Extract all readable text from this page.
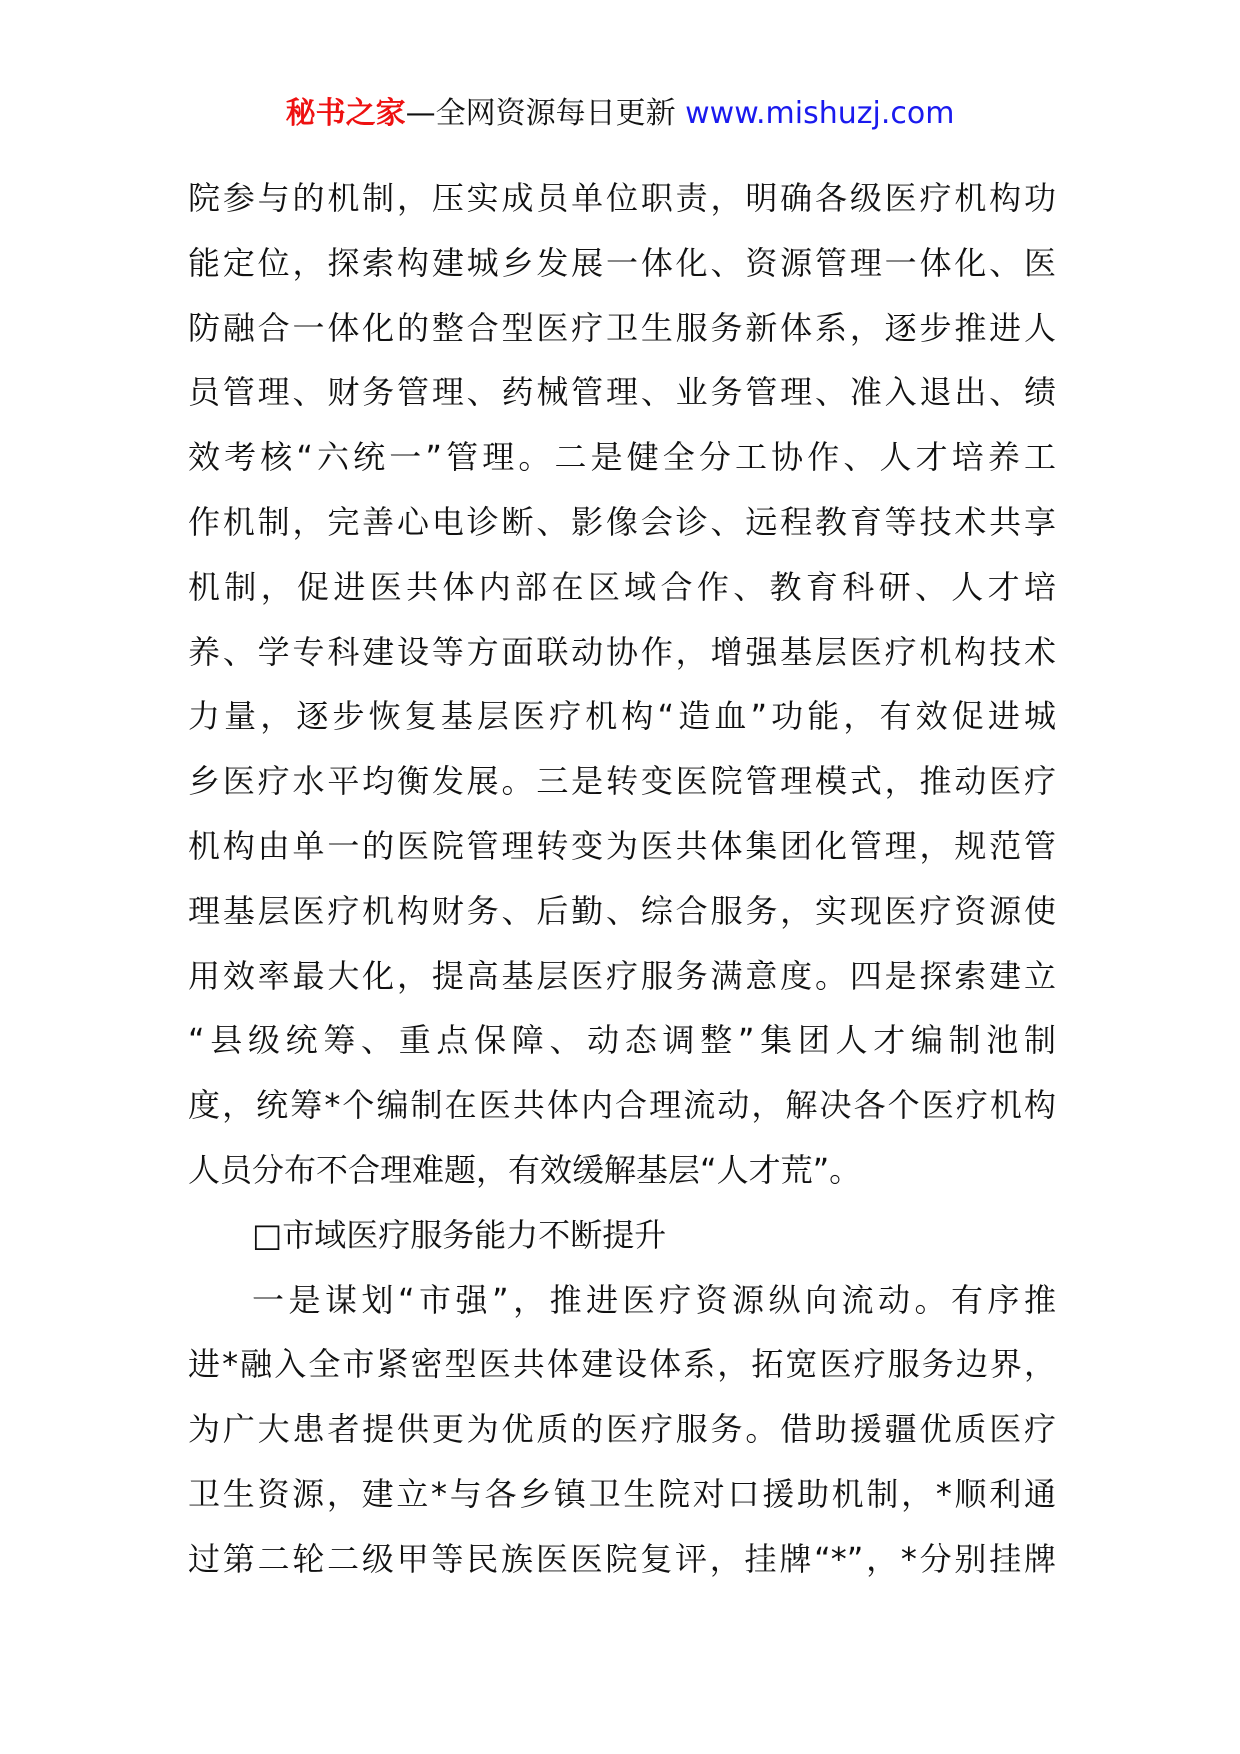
秘书之家—全网资源每日更新 www.mishuzj.com
院参与的机制，压实成员单位职责，明确各级医疗机构功
能定位，探索构建城乡发展一体化、资源管理一体化、医
防融合一体化的整合型医疗卫生服务新体系，逐步推进人
员管理、财务管理、药械管理、业务管理、准入退出、绩
效考核“六统一”管理。二是健全分工协作、人才培养工
作机制，完善心电诊断、影像会诊、远程教育等技术共享
机制，促进医共体内部在区域合作、教育科研、人才培
养、学专科建设等方面联动协作，增强基层医疗机构技术
力量，逐步恢复基层医疗机构“造血”功能，有效促进城
乡医疗水平均衡发展。三是转变医院管理模式，推动医疗
机构由单一的医院管理转变为医共体集团化管理，规范管
理基层医疗机构财务、后勤、综合服务，实现医疗资源使
用效率最大化，提高基层医疗服务满意度。四是探索建立
“县级统筹、重点保障、动态调整”集团人才编制池制
度，统筹*个编制在医共体内合理流动，解决各个医疗机构
人员分布不合理难题，有效缓解基层“人才荒”。
□市域医疗服务能力不断提升
一是谋划“市强”，推进医疗资源纵向流动。有序推
进*融入全市紧密型医共体建设体系，拓宽医疗服务边界，
为广大患者提供更为优质的医疗服务。借助援疆优质医疗
卫生资源，建立*与各乡镇卫生院对口援助机制，*顺利通
过第二轮二级甲等民族医医院复评，挂牌“*”，*分别挂牌
